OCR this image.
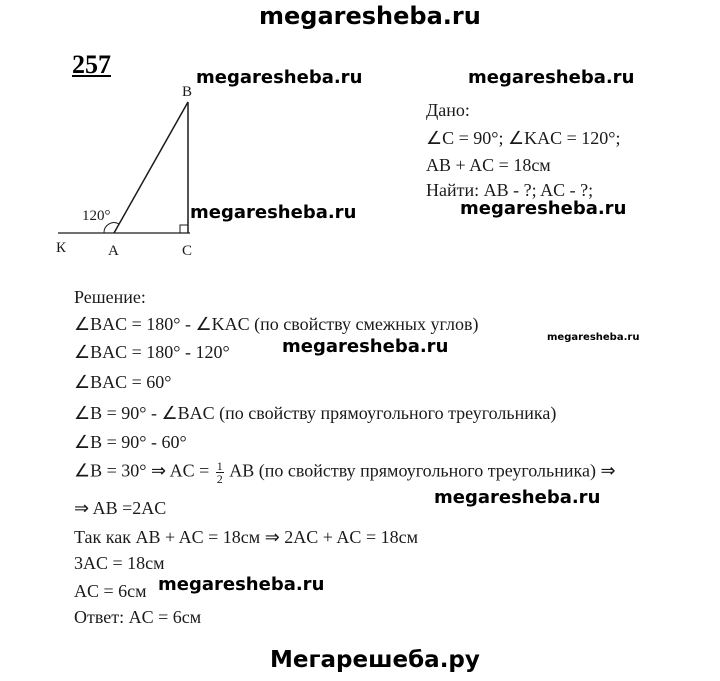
megaresheba.ru
257
B
К	A	C
120°
megaresheba.ru	megaresheba.ru
megaresheba.ru	megaresheba.ru
megaresheba.ru
megaresheba.ru
megaresheba.ru
megaresheba.ru
Дано:
∠C = 90°; ∠KAC = 120°;
AB + AC = 18см
Найти: AB - ?; AC - ?;
Решение:
∠BAC = 180° - ∠KAC (по свойству смежных углов)
∠BAC = 180° - 120°
∠BAC = 60°
∠B = 90° - ∠BAC (по свойству прямоугольного треугольника)
∠B = 90° - 60°
∠B = 30° ⇒ AC = $\frac{1}{2}$ AB (по свойству прямоугольного треугольника) ⇒
⇒ AB =2AC
Так как AB + AC = 18см ⇒ 2AC + AC = 18см
3AC = 18см
AC = 6см
Ответ: AC = 6см
Мегарешеба.ру
